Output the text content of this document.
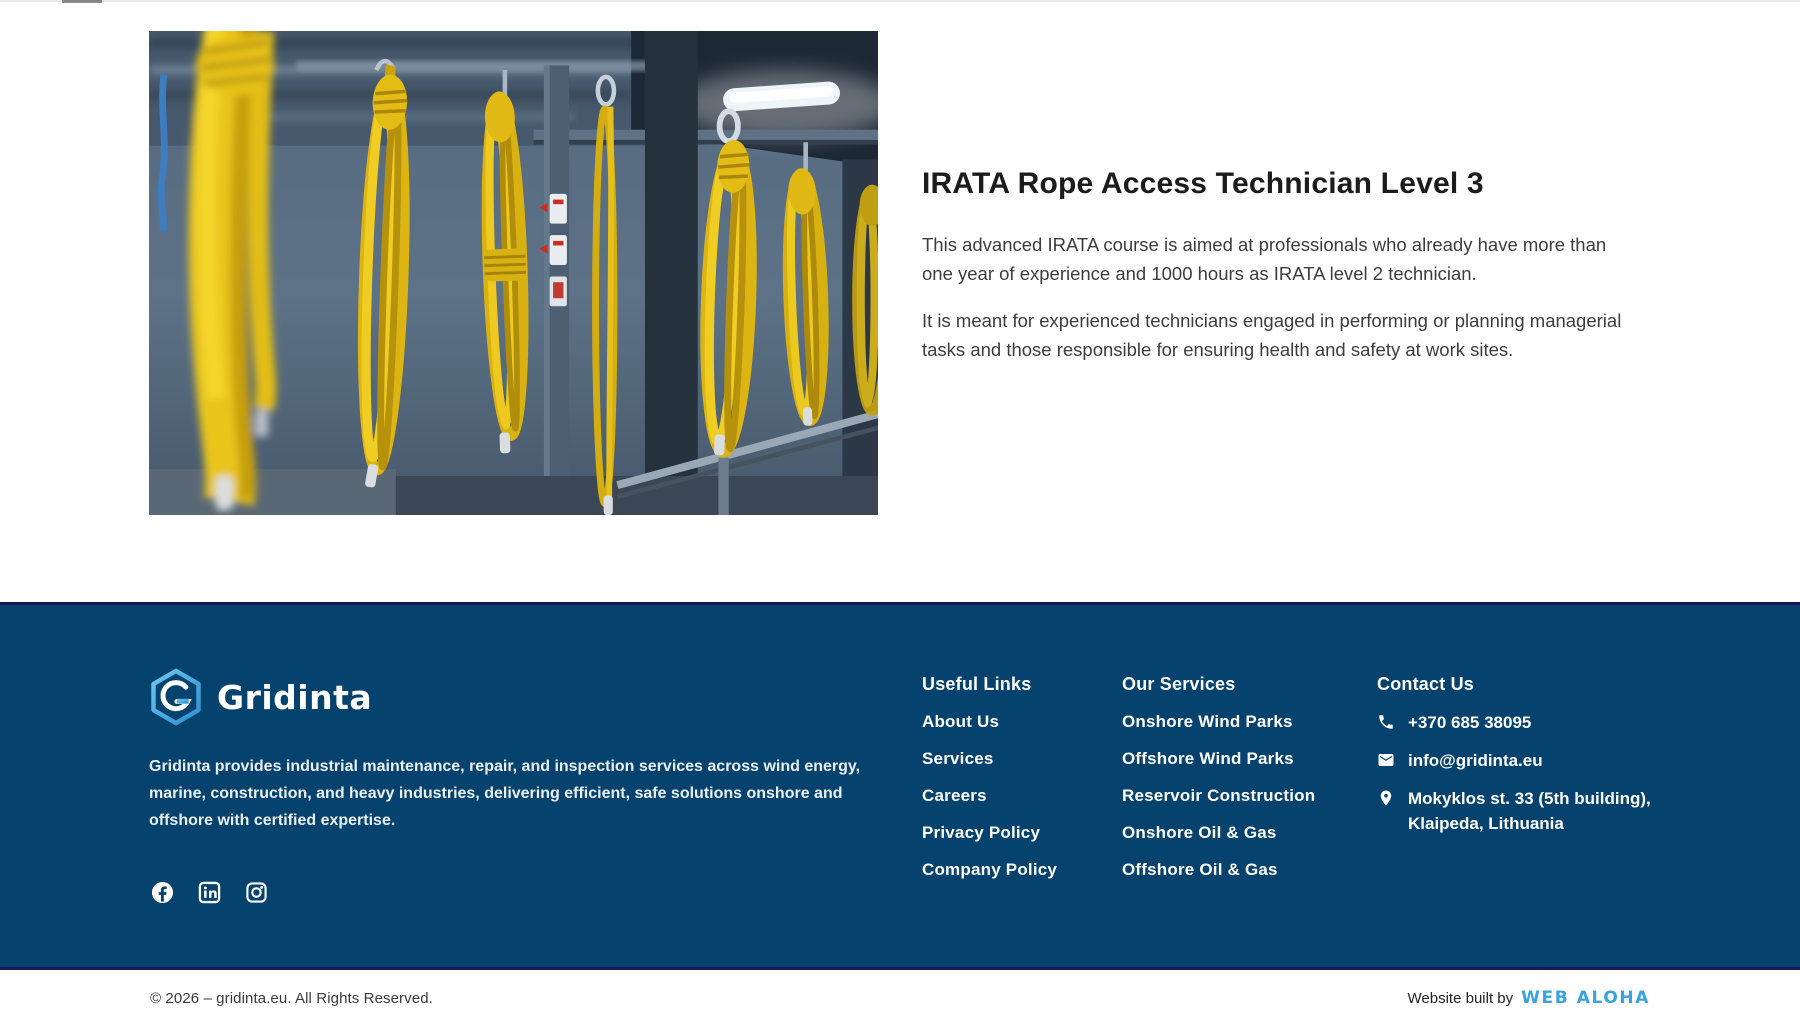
IRATA Rope Access Technician Level 3

This advanced IRATA course is aimed at professionals who already have more than one year of experience and 1000 hours as IRATA level 2 technician.

It is meant for experienced technicians engaged in performing or planning managerial tasks and those responsible for ensuring health and safety at work sites.

Gridinta
Gridinta provides industrial maintenance, repair, and inspection services across wind energy, marine, construction, and heavy industries, delivering efficient, safe solutions onshore and offshore with certified expertise.
Useful Links
About Us
Services
Careers
Privacy Policy
Company Policy
Our Services
Onshore Wind Parks
Offshore Wind Parks
Reservoir Construction
Onshore Oil & Gas
Offshore Oil & Gas
Contact Us
+370 685 38095
info@gridinta.eu
Mokyklos st. 33 (5th building),
Klaipeda, Lithuania
© 2026 – gridinta.eu. All Rights Reserved.	Website built by WEB ALOHA
